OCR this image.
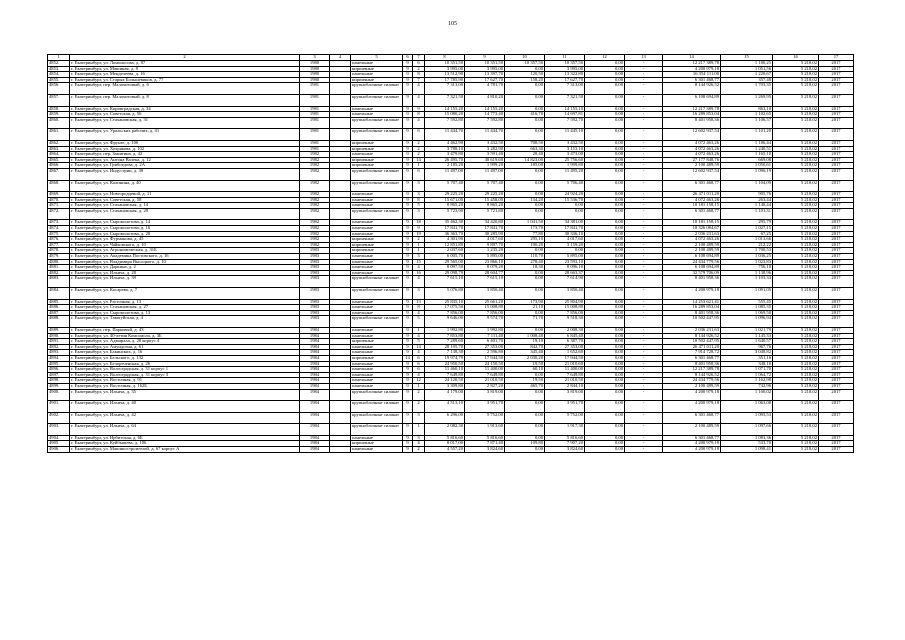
105
1	2	3	4	5	6	7	8	9	10	11	12	13	14	15	16	17
4852.	г. Екатеринбург, ул. Ломоносова, д. 87	1980		панельные	9	6	10 351,50	10 351,50	10 357,50	10 357,50	0,00	-	12 217 389,78	1 180,25	5 218,02	2017
4853.	г. Екатеринбург, ул. Машиная, д. 8	1980		кирпичные	9	2	3 995,00	3 995,00	0,00	3 995,00	0,00	-	4 200 979,18	1 051,56	5 218,02	2017
4854.	г. Екатеринбург, ул. Менделеева, д. 16	1980		панельные	9	8	13 512,90	13 397,70	120,50	13 322,80	0,00	-	16 354 111,00	1 220,67	5 218,02	2017
4855.	г. Екатеринбург, ул. Старых Большевиков, д. 77	1980		кирпичные	9	7	17 785,90	17 627,70	158,20	17 627,70	0,00	-	6 301 468,77	357,48	5 218,02	2017
4856.	г. Екатеринбург, пер. Малахитовый, д. 6	1981		крупноблочные силикат	9	4	7 313,00	4 781,70	0,00	7 313,00	0,00	-	8 144 926,52	1 703,35	5 218,02	2017
4857.	г. Екатеринбург, пер. Малахитовый, д. 8	1981		крупноблочные силикат	9	4	7 321,50	4 810,20	0,00	7 321,50	0,00	-	6 108 694,89	1 269,95	5 218,02	2017
4858.	г. Екатеринбург, ул. Кировградская, д. 34	1981		панельные	9	9	14 155,20	14 155,20	0,00	14 155,10	0,00	-	12 217 389,78	863,10	5 218,02	2017
4859.	г. Екатеринбург, ул. Советская, д. 56	1981		панельные	9	8	15 080,20	14 773,40	416,70	14 697,81	0,00	-	16 289 853,04	1 102,65	5 218,02	2017
4860.	г. Екатеринбург, ул. Стахановская, д. 31	1981		крупноблочные силикат	9	4	7 592,80	7 592,80	0,00	7 592,70	0,00	-	8 401 958,36	1 106,57	5 218,02	2017
4861.	г. Екатеринбург, ул. Уральских рабочих, д. 41	1981		крупноблочные силикат	9	6	11 444,70	11 444,70	0,00	11 445,10	0,00	-	12 602 937,54	1 101,20	5 218,02	2017
4862.	г. Екатеринбург, ул. Фрунзе, д. 100	1981		кирпичные	9	2	4 462,90	3 432,50	708,50	3 432,50	0,00	-	4 072 463,26	1 186,44	5 218,02	2017
4863.	г. Екатеринбург, ул. Хохрякова, д. 102	1981		кирпичные	9	2	3 788,10	3 282,90	663,30	3 153,10	0,00	-	4 072 463,26	1 240,51	5 218,02	2017
4864.	г. Екатеринбург, пер. Замятина, д. 42	1982		панельные	9	2	3 479,80	3 591,40	28,40	3 473,00	0,00	-	4 072 463,26	1 165,10	5 218,02	2017
4865.	г. Екатеринбург, ул. Антона Валека, д. 12	1982		кирпичные	9	14	26 495,70	40 619,60	14 823,00	25 756,60	0,00	-	27 177 848,76	669,08	5 218,02	2017
4866.	г. Екатеринбург, ул. Грибоедова, д. 2А	1982		кирпичные	9	1	2 185,20	1 999,20	185,00	1 999,80	0,00	-	2 100 489,59	1 050,61	5 218,02	2017
4867.	г. Екатеринбург, ул. Индустрии, д. 30	1982		крупноблочные силикат	9	6	11 497,00	11 497,00	0,00	11 495,20	0,00	-	12 602 937,54	1 096,19	5 218,02	2017
4868.	г. Екатеринбург, ул. Калинина, д. 40	1982		крупноблочные силикат	9	3	5 707,40	5 707,40	0,00	5 706,40	0,00	-	6 301 468,77	1 104,09	5 218,02	2017
4869.	г. Екатеринбург, ул. Новгородцевой, д. 11	1982		панельные	9	3	29 225,20	29 225,20	0,00	24 924,20	0,00	-	26 471 011,20	905,76	5 218,02	2017
4870.	г. Екатеринбург, ул. Советская, д. 58	1982		панельные	9	8	15 671,00	15 458,00	134,20	15 536,70	0,00	-	4 072 463,26	263,44	5 218,02	2017
4871.	г. Екатеринбург, ул. Стахановская, д. 14	1982		панельные	9	5	8 865,20	8 865,20	0,00	0,00	0,00	-	10 181 158,15	1 148,44	5 218,02	2017
4872.	г. Екатеринбург, ул. Стахановская, д. 20	1982		крупноблочные силикат	9	3	5 723,90	5 721,80	0,00	0,00	0,00	-	6 301 468,77	1 101,31	5 218,02	2017
4873.	г. Екатеринбург, ул. Сыромолотова, д. 14	1982		панельные	9	18	35 462,30	34 420,80	1 041,50	34 381,00	0,00	-	10 181 158,15	295,79	5 218,02	2017
4874.	г. Екатеринбург, ул. Сыромолотова, д. 16	1982		панельные	9	9	17 841,70	17 841,70	173,70	17 841,70	0,00	-	18 326 084,67	1 027,15	5 218,02	2017
4875.	г. Екатеринбург, ул. Сыромолотова, д. 20	1982		панельные	9	19	36 363,70	30 285,90	77,80	30 336,10	0,00	-	2 036 231,63	67,25	5 218,02	2017
4876.	г. Екатеринбург, ул. Фурманова, д. 45	1982		кирпичные	9	2	4 301,90	4 017,60	295,10	4 017,60	0,00	-	4 072 463,26	1 013,66	5 218,02	2017
4877.	г. Екатеринбург, ул. Чайковского, д. 10	1982		кирпичные	9	1	12 851,80	9 897,70	190,20	3 159,20	0,00	-	2 100 489,59	212,22	5 218,02	2017
4878.	г. Екатеринбург, ул. Агрономическая, д. 31Б	1983		кирпичные	9	1	2 037,60	1 235,20	0,00	0,00	0,00	-	2 100 489,59	1 700,53	5 218,02	2017
4879.	г. Екатеринбург, ул. Академика Постовского, д. 16	1983		панельные	9	3	6 005,70	5 895,00	110,70	5 895,00	0,00	-	6 108 694,89	1 036,25	5 218,02	2017
4880.	г. Екатеринбург, ул. Владимира Высоцкого, д. 10	1983		панельные	9	15	29 565,00	23 866,10	278,40	23 593,10	0,00	-	24 434 779,56	1 023,83	5 218,02	2017
4881.	г. Екатеринбург, ул. Даркина, д. 2	1983		панельные	9	4	8 097,50	8 079,20	18,30	8 096,10	0,00	-	6 108 694,89	756,10	5 218,02	2017
4882.	г. Екатеринбург, ул. Ильича, д. 28	1983		панельные	9	16	29 098,79	28 604,77	0,00	28 663,37	0,00	-	32 579 706,09	1 138,96	5 218,02	2017
4883.	г. Екатеринбург, ул. Ильича, д. 39	1983		крупноблочные силикат	9	4	7 615,10	7 615,10	0,00	7 614,90	0,00	-	8 401 958,36	1 103,33	5 218,02	2017
4884.	г. Екатеринбург, ул. Косарева, д. 7	1983		крупноблочные силикат	9	3	5 076,80	3 850,40	0,00	3 850,40	0,00	-	4 200 979,18	1 091,05	5 218,02	2017
4885.	г. Екатеринбург, ул. Расточная, д. 13	1983		панельные	9	13	25 835,10	25 661,20	173,90	25 804,90	0,00	-	14 253 621,41	555,45	5 218,02	2017
4886.	г. Екатеринбург, ул. Стахановская, д. 27	1983		панельные	9	8	17 075,50	15 008,80	21,10	15 008,80	0,00	-	16 289 853,04	1 085,35	5 218,02	2017
4887.	г. Екатеринбург, ул. Сыромолотова, д. 13	1983		панельные	9	4	7 856,00	7 856,00	0,00	7 856,00	0,00	-	8 401 958,36	1 069,50	5 218,02	2017
4888.	г. Екатеринбург, ул. Таватуйская, д. 4	1983		крупноблочные силикат	9	5	9 646,00	9 574,70	71,70	9 518,30	0,00	-	10 502 447,95	1 096,94	5 218,02	2017
4889.	г. Екатеринбург, пер. Парковый, д. 43	1984		панельные	9	1	1 992,80	1 992,80	0,00	2 008,30	0,00	-	2 036 231,63	1 021,79	5 218,02	2017
4890.	г. Екатеринбург, ул. 40-летия Комсомола, д. 3Б	1984		панельные	9	4	7 853,80	7 111,40	1 008,40	6 845,40	0,00	-	8 144 926,52	1 145,33	5 218,02	2017
4891.	г. Екатеринбург, ул. Адмирала, д. 20 корпус 4	1984		кирпичные	9	5	7 289,60	6 401,70	19,10	6 387,70	0,00	-	10 502 447,95	1 640,57	5 218,02	2017
4892.	г. Екатеринбург, ул. Амундсена, д. 61	1984		панельные	9	14	28 195,70	27 353,00	842,70	27 353,00	0,00	-	26 471 011,20	967,76	5 218,02	2017
4893.	г. Екатеринбург, ул. Бакинских, д. 16	1984		панельные	9	4	7 138,30	2 596,80	345,40	1 652,60	0,00	-	7 914 728,72	3 048,82	5 218,02	2017
4894.	г. Екатеринбург, ул. Бельского, д. 132	1984		кирпичные	14	6	19 974,79	17 944,50	2 030,20	17 944,50	0,00	-	6 301 468,77	351,16	5 218,02	2017
4895.	г. Екатеринбург, ул. Белореченская, д. 26	1984		панельные	9	6	24 950,50	24 150,50	19,50	21 010,60	0,00	-	8 401 958,36	348,10	5 218,02	2017
4896.	г. Екатеринбург, ул. Волгоградская, д. 31 корпус 1	1984		панельные	9	6	11 460,10	11 400,00	60,10	11 400,00	0,00	-	12 217 389,78	1 071,70	5 218,02	2017
4897.	г. Екатеринбург, ул. Волгоградская, д. 31 корпус 3	1984		панельные	9	4	7 649,80	7 649,80	0,00	7 649,80	0,00	-	8 144 926,52	1 064,72	5 218,02	2017
4898.	г. Екатеринбург, ул. Восточная, д. 91	1984		панельные	9	12	24 120,50	21 010,50	19,50	21 010,50	0,00	-	24 434 779,56	1 162,98	5 218,02	2017
4899.	г. Екатеринбург, ул. Восточная, д. 162Б	1984		панельные	9	1	3 309,80	2 827,20	465,70	2 844,10	0,00	-	2 100 489,59	742,96	5 218,02	2017
4900.	г. Екатеринбург, ул. Ильича, д. 35	1984		крупноблочные силикат	9	2	4 179,00	3 819,00	0,00	3 819,00	0,00	-	4 200 979,18	1 100,02	5 218,02	2017
4901.	г. Екатеринбург, ул. Ильича, д. 40	1984		крупноблочные силикат	9	2	4 513,10	3 951,70	0,00	3 951,70	0,00	-	4 200 979,18	1 063,08	5 218,02	2017
4902.	г. Екатеринбург, ул. Ильича, д. 42	1984		крупноблочные силикат	9	3	6 296,00	5 752,00	0,00	5 752,00	0,00	-	6 301 468,77	1 095,53	5 218,02	2017
4903.	г. Екатеринбург, ул. Ильича, д. 64	1984		крупноблочные силикат	9	1	2 082,30	1 913,60	0,00	1 917,30	0,00	-	2 100 489,59	1 097,66	5 218,02	2017
4904.	г. Екатеринбург, ул. Ирбитская, д. 6Б	1984		панельные	9	3	5 816,60	5 816,60	0,00	5 816,60	0,00	-	6 301 468,77	1 083,36	5 218,02	2017
4905.	г. Екатеринбург, ул. Куйбышева, д. 106	1984		кирпичные	9	4	8 017,00	7 871,40	109,80	7 907,20	0,00	-	4 200 979,18	533,70	5 218,02	2017
4906.	г. Екатеринбург, ул. Машиностроителей, д. 67 корпус А	1984		панельные	9	2	4 557,20	3 824,60	0,00	3 824,60	0,00	-	4 200 979,18	1 098,41	5 218,02	2017
